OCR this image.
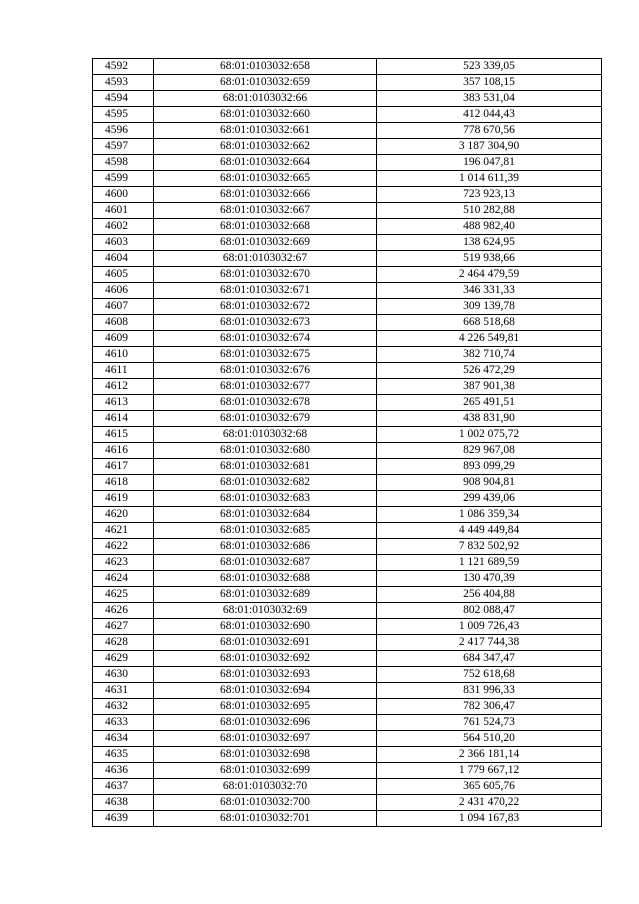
4592	68:01:0103032:658	523 339,05
4593	68:01:0103032:659	357 108,15
4594	68:01:0103032:66	383 531,04
4595	68:01:0103032:660	412 044,43
4596	68:01:0103032:661	778 670,56
4597	68:01:0103032:662	3 187 304,90
4598	68:01:0103032:664	196 047,81
4599	68:01:0103032:665	1 014 611,39
4600	68:01:0103032:666	723 923,13
4601	68:01:0103032:667	510 282,88
4602	68:01:0103032:668	488 982,40
4603	68:01:0103032:669	138 624,95
4604	68:01:0103032:67	519 938,66
4605	68:01:0103032:670	2 464 479,59
4606	68:01:0103032:671	346 331,33
4607	68:01:0103032:672	309 139,78
4608	68:01:0103032:673	668 518,68
4609	68:01:0103032:674	4 226 549,81
4610	68:01:0103032:675	382 710,74
4611	68:01:0103032:676	526 472,29
4612	68:01:0103032:677	387 901,38
4613	68:01:0103032:678	265 491,51
4614	68:01:0103032:679	438 831,90
4615	68:01:0103032:68	1 002 075,72
4616	68:01:0103032:680	829 967,08
4617	68:01:0103032:681	893 099,29
4618	68:01:0103032:682	908 904,81
4619	68:01:0103032:683	299 439,06
4620	68:01:0103032:684	1 086 359,34
4621	68:01:0103032:685	4 449 449,84
4622	68:01:0103032:686	7 832 502,92
4623	68:01:0103032:687	1 121 689,59
4624	68:01:0103032:688	130 470,39
4625	68:01:0103032:689	256 404,88
4626	68:01:0103032:69	802 088,47
4627	68:01:0103032:690	1 009 726,43
4628	68:01:0103032:691	2 417 744,38
4629	68:01:0103032:692	684 347,47
4630	68:01:0103032:693	752 618,68
4631	68:01:0103032:694	831 996,33
4632	68:01:0103032:695	782 306,47
4633	68:01:0103032:696	761 524,73
4634	68:01:0103032:697	564 510,20
4635	68:01:0103032:698	2 366 181,14
4636	68:01:0103032:699	1 779 667,12
4637	68:01:0103032:70	365 605,76
4638	68:01:0103032:700	2 431 470,22
4639	68:01:0103032:701	1 094 167,83
